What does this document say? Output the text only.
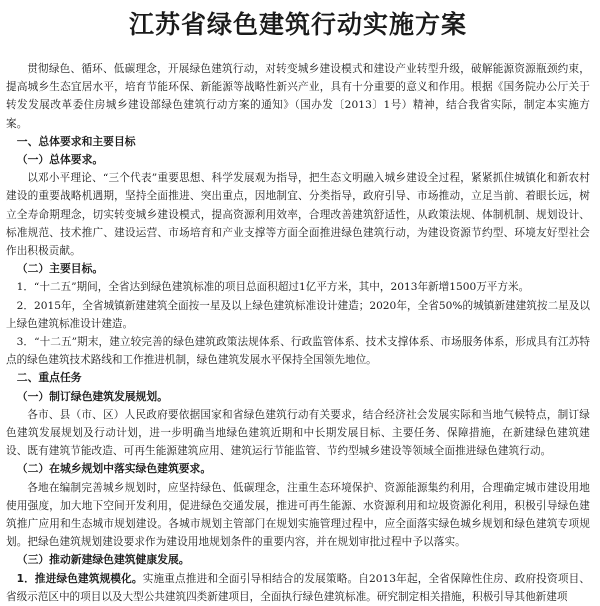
江苏省绿色建筑行动实施方案

贯彻绿色、循环、低碳理念，开展绿色建筑行动，对转变城乡建设模式和建设产业转型升级，破解能源资源瓶颈约束，提高城乡生态宜居水平，培育节能环保、新能源等战略性新兴产业，具有十分重要的意义和作用。根据《国务院办公厅关于转发发展改革委住房城乡建设部绿色建筑行动方案的通知》（国办发〔2013〕1号）精神，结合我省实际，制定本实施方案。

一、总体要求和主要目标

（一）总体要求。

以邓小平理论、“三个代表”重要思想、科学发展观为指导，把生态文明融入城乡建设全过程，紧紧抓住城镇化和新农村建设的重要战略机遇期，坚持全面推进、突出重点，因地制宜、分类指导，政府引导、市场推动，立足当前、着眼长远，树立全寿命期理念，切实转变城乡建设模式，提高资源利用效率，合理改善建筑舒适性，从政策法规、体制机制、规划设计、标准规范、技术推广、建设运营、市场培育和产业支撑等方面全面推进绿色建筑行动，为建设资源节约型、环境友好型社会作出积极贡献。

（二）主要目标。

1．“十二五”期间，全省达到绿色建筑标准的项目总面积超过1亿平方米，其中，2013年新增1500万平方米。

2．2015年，全省城镇新建建筑全面按一星及以上绿色建筑标准设计建造；2020年，全省50%的城镇新建建筑按二星及以上绿色建筑标准设计建造。

3．“十二五”期末，建立较完善的绿色建筑政策法规体系、行政监管体系、技术支撑体系、市场服务体系，形成具有江苏特点的绿色建筑技术路线和工作推进机制，绿色建筑发展水平保持全国领先地位。

二、重点任务

（一）制订绿色建筑发展规划。

各市、县（市、区）人民政府要依据国家和省绿色建筑行动有关要求，结合经济社会发展实际和当地气候特点，制订绿色建筑发展规划及行动计划，进一步明确当地绿色建筑近期和中长期发展目标、主要任务、保障措施，在新建绿色建筑建设、既有建筑节能改造、可再生能源建筑应用、建筑运行节能监管、节约型城乡建设等领域全面推进绿色建筑行动。

（二）在城乡规划中落实绿色建筑要求。

各地在编制完善城乡规划时，应坚持绿色、低碳理念，注重生态环境保护、资源能源集约利用，合理确定城市建设用地使用强度，加大地下空间开发利用，促进绿色交通发展，推进可再生能源、水资源利用和垃圾资源化利用，积极引导绿色建筑推广应用和生态城市规划建设。各城市规划主管部门在规划实施管理过程中，应全面落实绿色城乡规划和绿色建筑专项规划。把绿色建筑规划建设要求作为建设用地规划条件的重要内容，并在规划审批过程中予以落实。

（三）推动新建绿色建筑健康发展。

1．推进绿色建筑规模化。实施重点推进和全面引导相结合的发展策略。自2013年起，全省保障性住房、政府投资项目、省级示范区中的项目以及大型公共建筑四类新建项目，全面执行绿色建筑标准。研究制定相关措施，积极引导其他新建项
